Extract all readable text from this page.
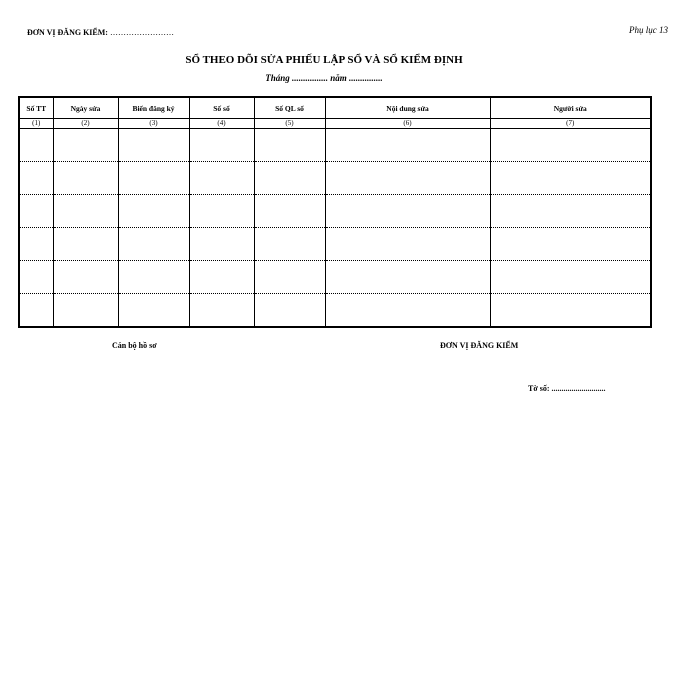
ĐƠN VỊ ĐĂNG KIỂM: ……………………	Phụ lục 13
SỔ THEO DÕI SỬA PHIẾU LẬP SỔ VÀ SỔ KIỂM ĐỊNH
Tháng ................ năm ...............
Số TT	Ngày sửa	Biển đăng ký	Số sổ	Số QL sổ	Nội dung sửa	Người sửa
(1)	(2)	(3)	(4)	(5)	(6)	(7)

Cán bộ hồ sơ	ĐƠN VỊ ĐĂNG KIỂM
Tờ số: ...........................
